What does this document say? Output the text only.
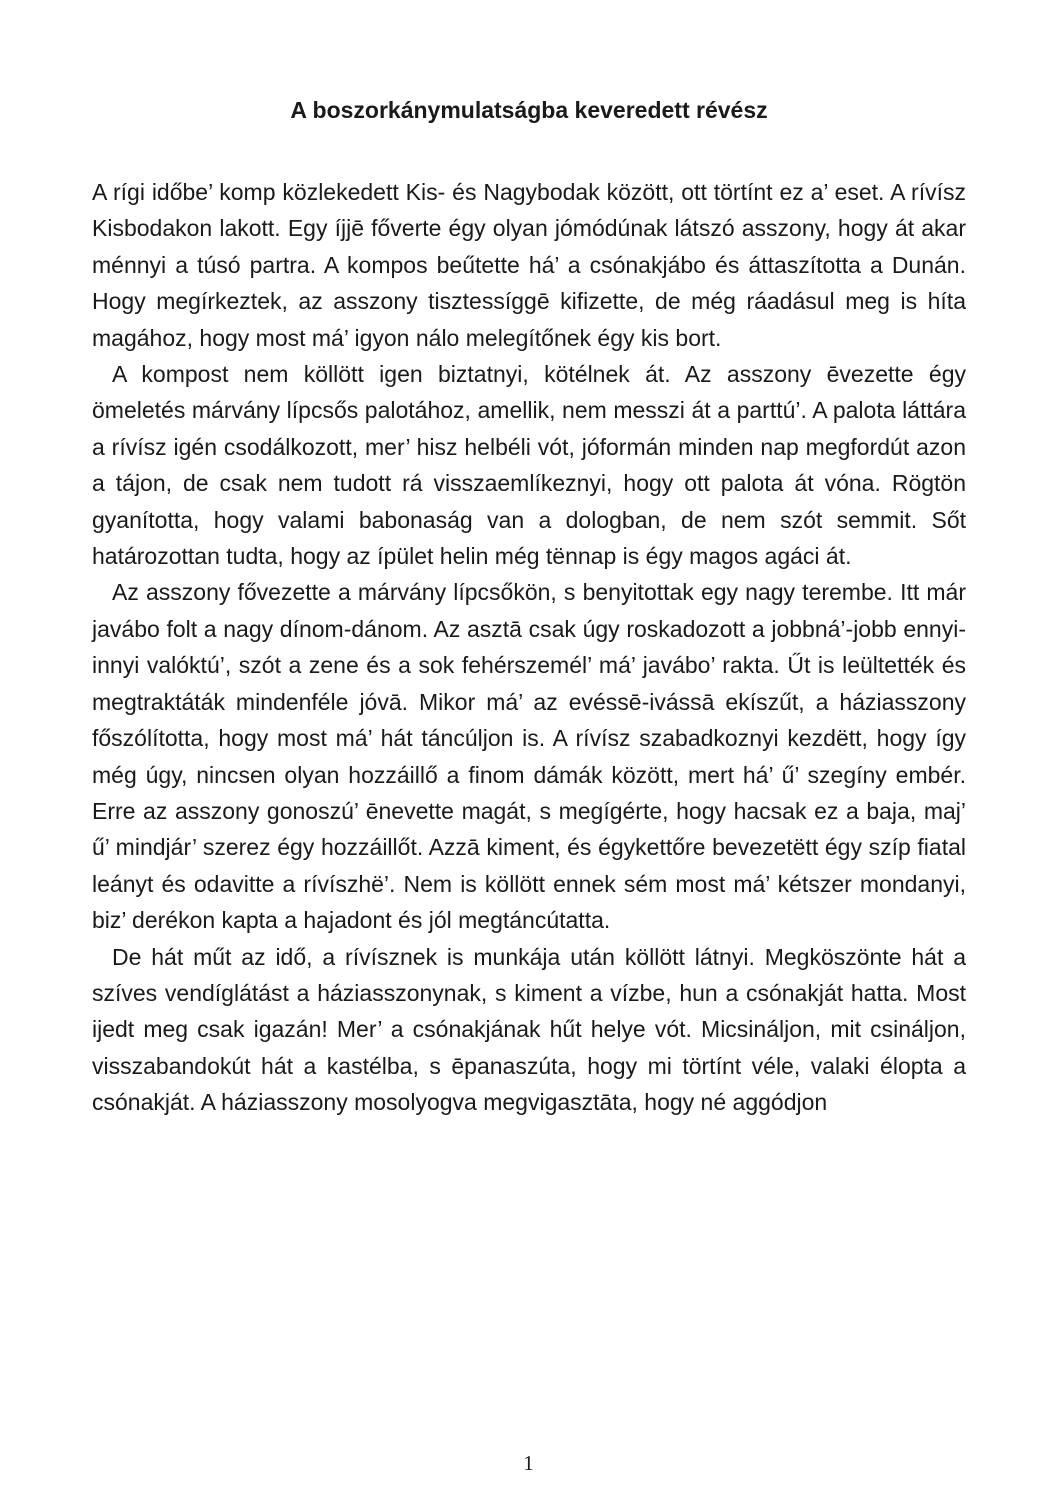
A boszorkánymulatságba keveredett révész

A rígi időbe’ komp közlekedett Kis- és Nagybodak között, ott törtínt ez a’ eset. A rívísz Kisbodakon lakott. Egy íjjē főverte égy olyan jómódúnak látszó asszony, hogy át akar ménnyi a túsó partra. A kompos beűtette há’ a csónakjábo és áttaszította a Dunán. Hogy megírkeztek, az asszony tisztessíggē kifizette, de még ráadásul meg is híta magához, hogy most má’ igyon nálo melegítőnek égy kis bort.

A kompost nem köllött igen biztatnyi, kötélnek át. Az asszony ēvezette égy ömeletés márvány lípcsős palotához, amellik, nem messzi át a parttú’. A palota láttára a rívísz igén csodálkozott, mer’ hisz helbéli vót, jóformán minden nap megfordút azon a tájon, de csak nem tudott rá visszaemlíkeznyi, hogy ott palota át vóna. Rögtön gyanította, hogy valami babonaság van a dologban, de nem szót semmit. Sőt határozottan tudta, hogy az ípület helin még tënnap is égy magos agáci át.

Az asszony fővezette a márvány lípcsőkön, s benyitottak egy nagy terembe. Itt már javábo folt a nagy dínom-dánom. Az asztā csak úgy roskadozott a jobbná’-jobb ennyi-innyi valóktú’, szót a zene és a sok fehérszemél’ má’ javábo’ rakta. Űt is leültették és megtraktáták mindenféle jóvā. Mikor má’ az evéssē-ivássā ekíszűt, a háziasszony főszólította, hogy most má’ hát táncúljon is. A rívísz szabadkoznyi kezdëtt, hogy így még úgy, nincsen olyan hozzáillő a finom dámák között, mert há’ ű’ szegíny embér. Erre az asszony gonoszú’ ēnevette magát, s megígérte, hogy hacsak ez a baja, maj’ ű’ mindjár’ szerez égy hozzáillőt. Azzā kiment, és égykettőre bevezetëtt égy szíp fiatal leányt és odavitte a rívíszhë’. Nem is köllött ennek sém most má’ kétszer mondanyi, biz’ derékon kapta a hajadont és jól megtáncútatta.

De hát műt az idő, a rívísznek is munkája után köllött látnyi. Megköszönte hát a szíves vendíglátást a háziasszonynak, s kiment a vízbe, hun a csónakját hatta. Most ijedt meg csak igazán! Mer’ a csónakjának hűt helye vót. Micsináljon, mit csináljon, visszabandokút hát a kastélba, s ēpanaszúta, hogy mi törtínt véle, valaki élopta a csónakját. A háziasszony mosolyogva megvigasztāta, hogy né aggódjon

1
